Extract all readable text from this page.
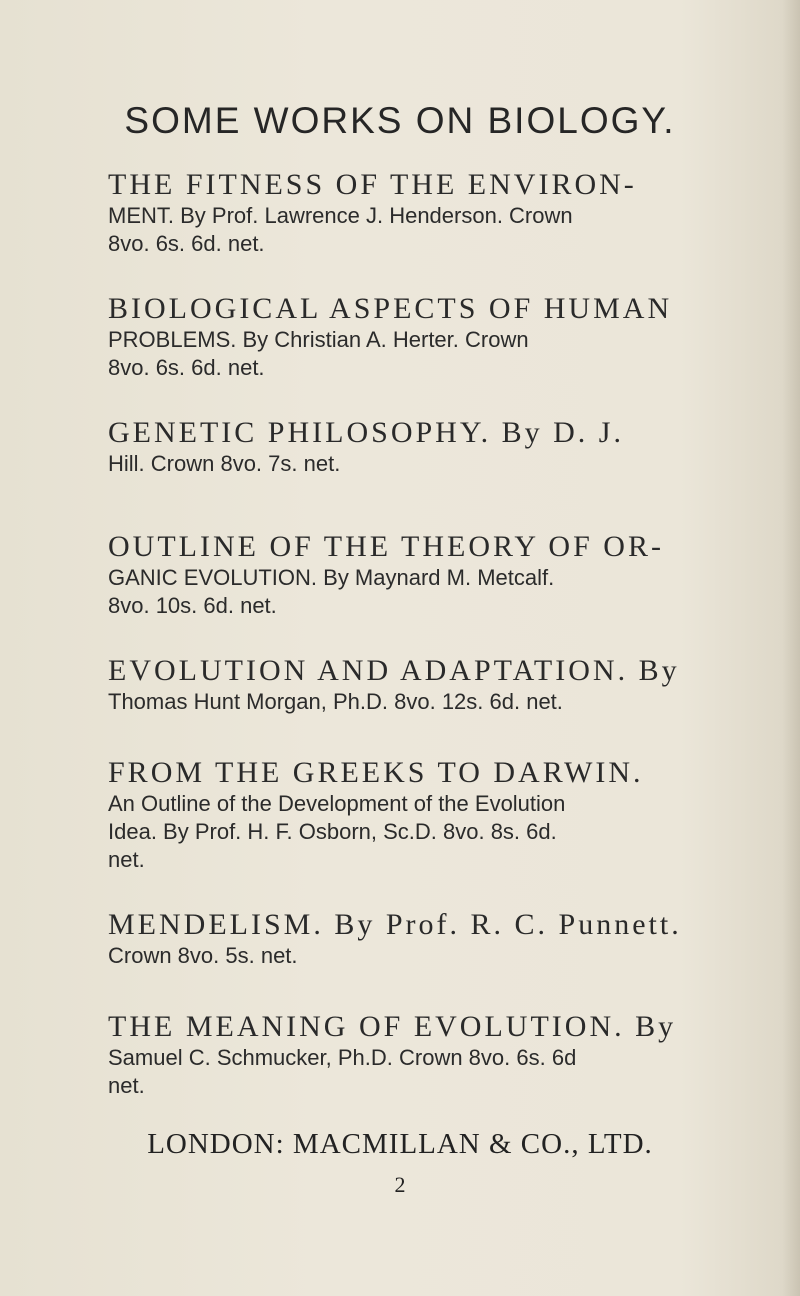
SOME WORKS ON BIOLOGY.
THE FITNESS OF THE ENVIRON-
MENT. By Prof. Lawrence J. Henderson. Crown
8vo. 6s. 6d. net.
BIOLOGICAL ASPECTS OF HUMAN
PROBLEMS. By Christian A. Herter. Crown
8vo. 6s. 6d. net.
GENETIC PHILOSOPHY. By D. J.
Hill. Crown 8vo. 7s. net.
OUTLINE OF THE THEORY OF OR-
GANIC EVOLUTION. By Maynard M. Metcalf.
8vo. 10s. 6d. net.
EVOLUTION AND ADAPTATION. By
Thomas Hunt Morgan, Ph.D. 8vo. 12s. 6d. net.
FROM THE GREEKS TO DARWIN.
An Outline of the Development of the Evolution
Idea. By Prof. H. F. Osborn, Sc.D. 8vo. 8s. 6d.
net.
MENDELISM. By Prof. R. C. Punnett.
Crown 8vo. 5s. net.
THE MEANING OF EVOLUTION. By
Samuel C. Schmucker, Ph.D. Crown 8vo. 6s. 6d
net.
LONDON: MACMILLAN & CO., LTD.
2
